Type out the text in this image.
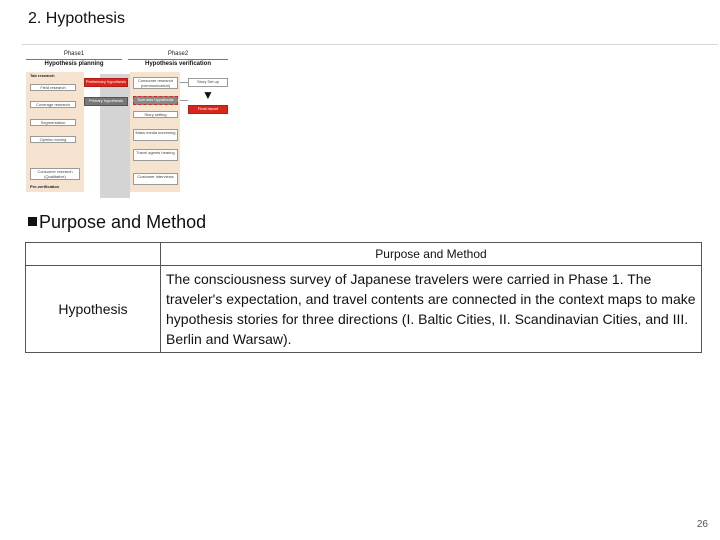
2. Hypothesis
Phase1	Phase2
Hypothesis planning	Hypothesis verification
Tab research
Field research
Coverage research
Segmentation
Opinion boxing
Consumer research (Qualitative)
Pre-verification
Preliminary hypothesis
Primary hypothesis
Consumer research (communication)
Scenario hypothesis
Story setting
Mass media screening
Travel agents hearing
Customer interviews
Story Set up
▼
Final report
Purpose and Method
	Purpose and Method
Hypothesis	The consciousness survey of Japanese travelers were carried in Phase 1. The traveler's expectation, and travel contents are connected in the context maps to make hypothesis stories for three directions (I. Baltic Cities, II. Scandinavian Cities, and III. Berlin and Warsaw).
26
